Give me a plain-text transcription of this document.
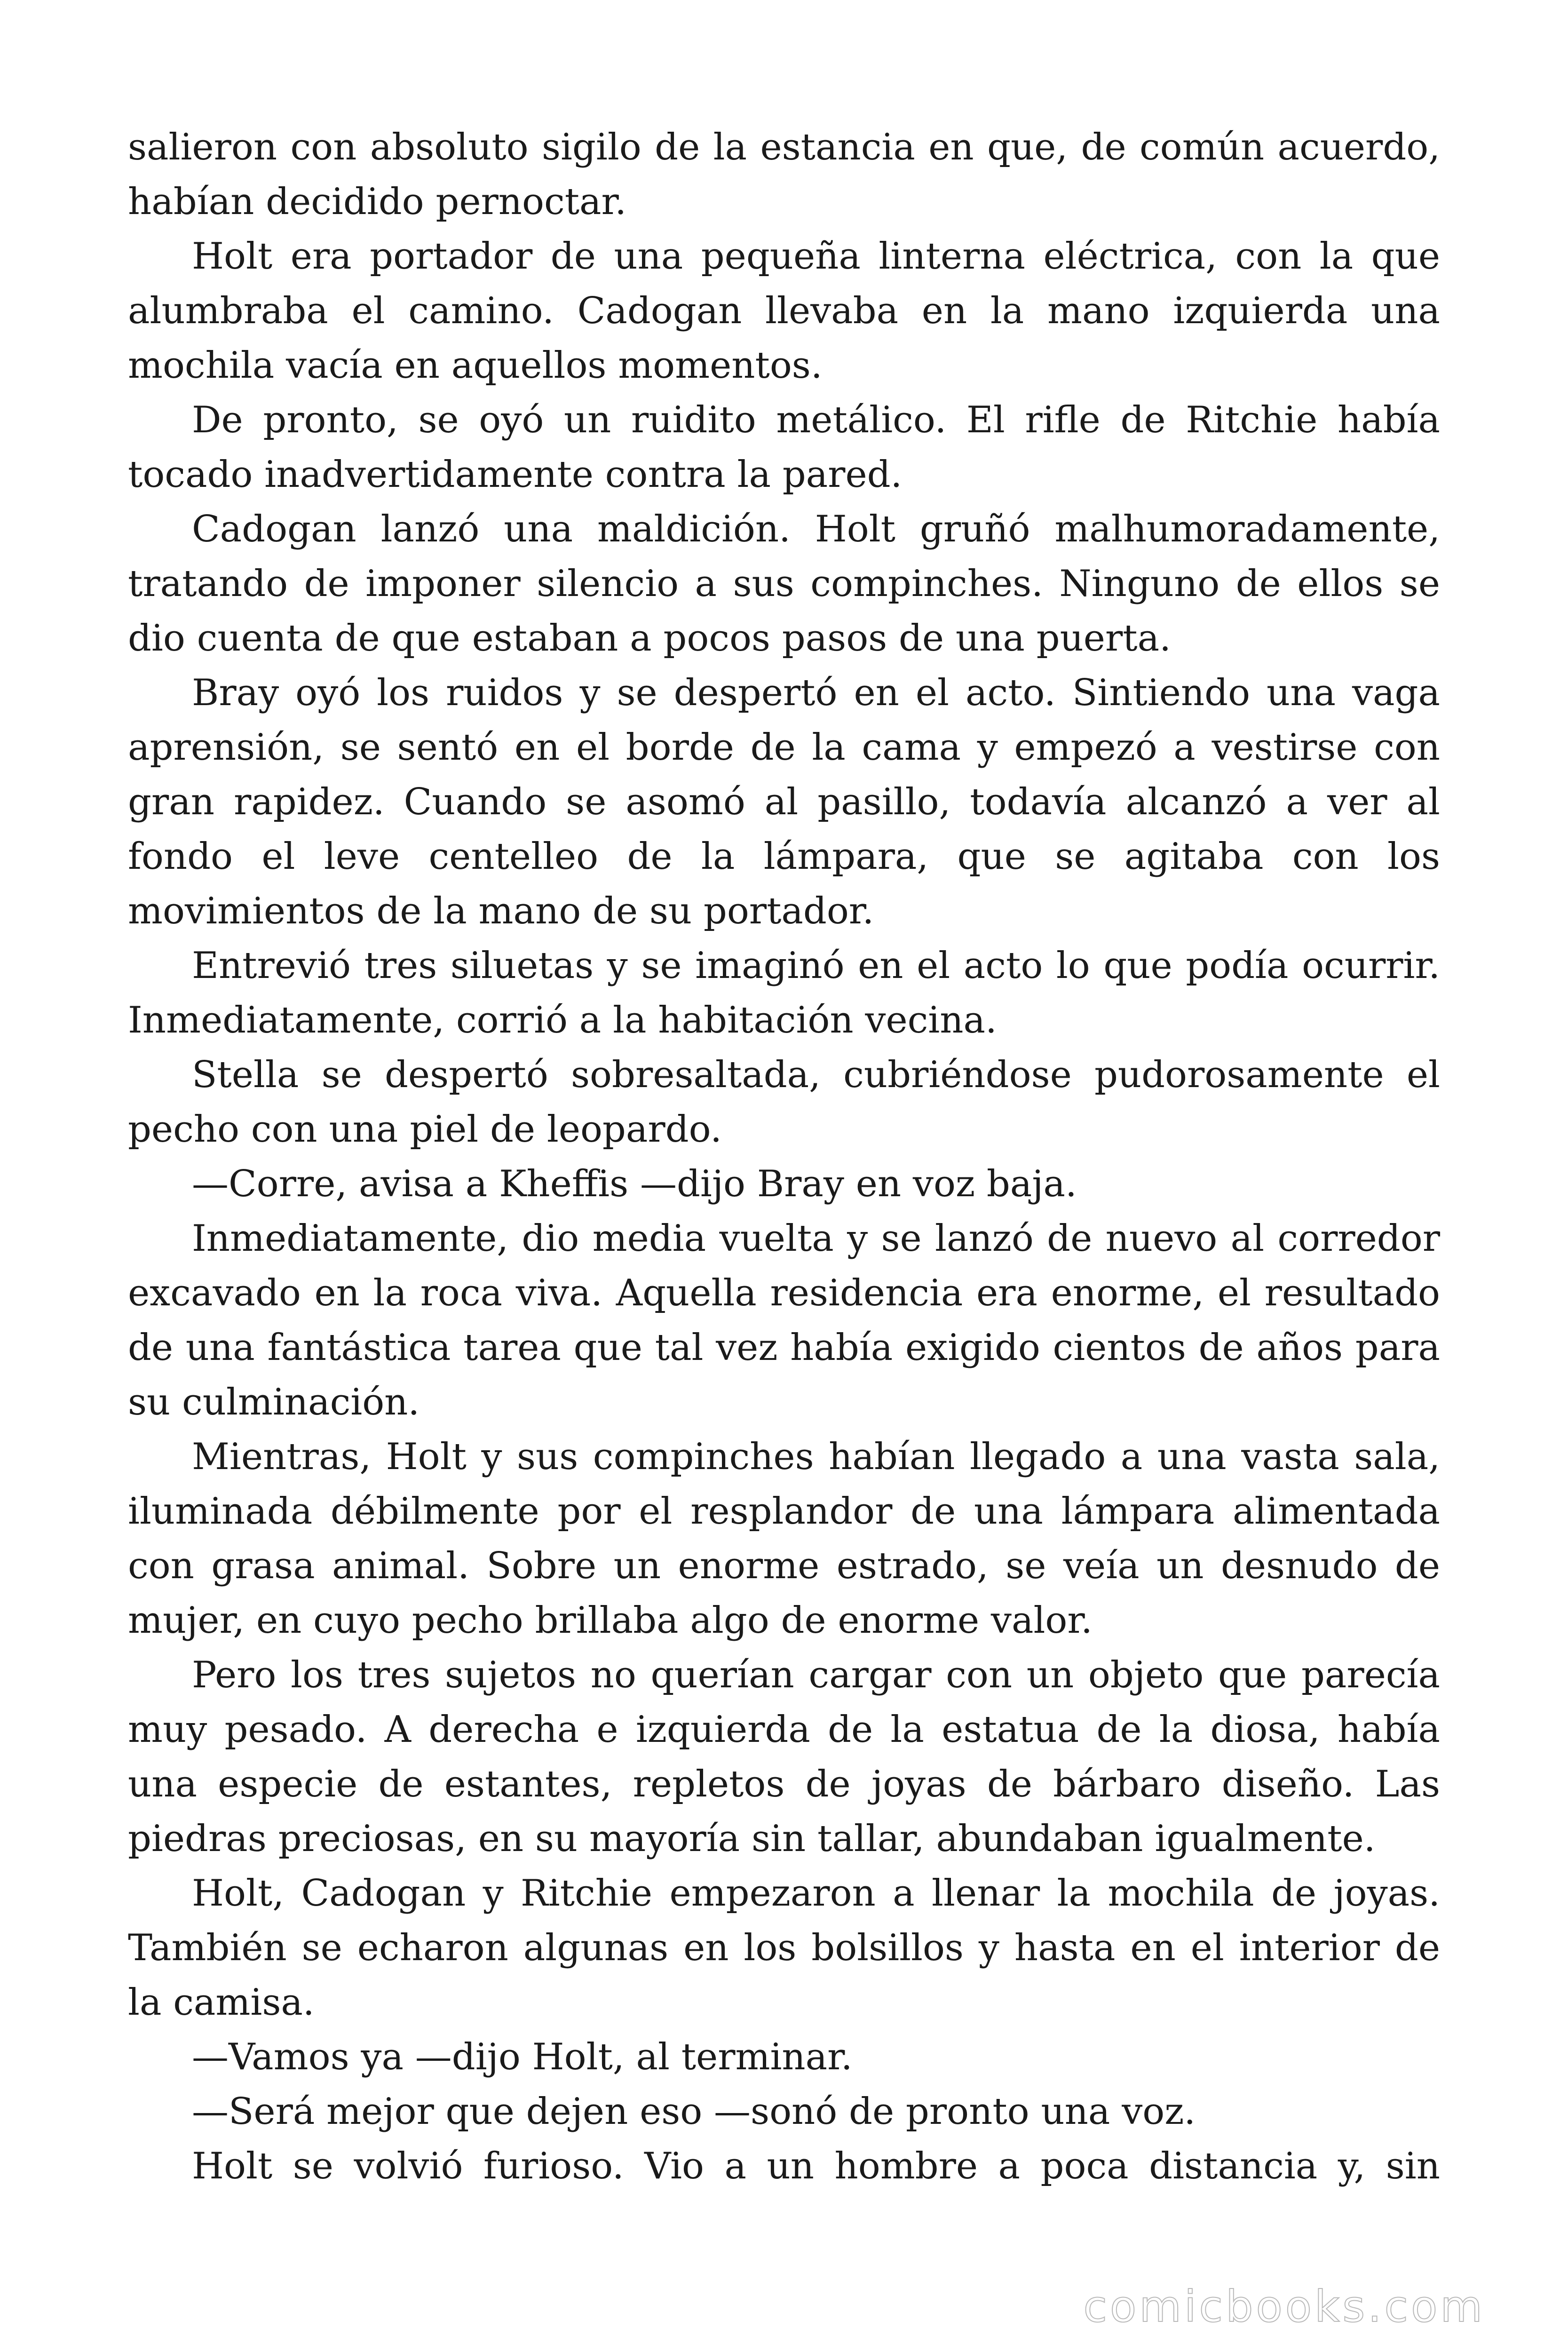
salieron con absoluto sigilo de la estancia en que, de común acuerdo, habían decidido pernoctar.

Holt era portador de una pequeña linterna eléctrica, con la que alumbraba el camino. Cadogan llevaba en la mano izquierda una mochila vacía en aquellos momentos.

De pronto, se oyó un ruidito metálico. El rifle de Ritchie había tocado inadvertidamente contra la pared.

Cadogan lanzó una maldición. Holt gruñó malhumoradamente, tratando de imponer silencio a sus compinches. Ninguno de ellos se dio cuenta de que estaban a pocos pasos de una puerta.

Bray oyó los ruidos y se despertó en el acto. Sintiendo una vaga aprensión, se sentó en el borde de la cama y empezó a vestirse con gran rapidez. Cuando se asomó al pasillo, todavía alcanzó a ver al fondo el leve centelleo de la lámpara, que se agitaba con los movimientos de la mano de su portador.

Entrevió tres siluetas y se imaginó en el acto lo que podía ocurrir. Inmediatamente, corrió a la habitación vecina.

Stella se despertó sobresaltada, cubriéndose pudorosamente el pecho con una piel de leopardo.

—Corre, avisa a Kheffis —dijo Bray en voz baja.

Inmediatamente, dio media vuelta y se lanzó de nuevo al corredor excavado en la roca viva. Aquella residencia era enorme, el resultado de una fantástica tarea que tal vez había exigido cientos de años para su culminación.

Mientras, Holt y sus compinches habían llegado a una vasta sala, iluminada débilmente por el resplandor de una lámpara alimentada con grasa animal. Sobre un enorme estrado, se veía un desnudo de mujer, en cuyo pecho brillaba algo de enorme valor.

Pero los tres sujetos no querían cargar con un objeto que parecía muy pesado. A derecha e izquierda de la estatua de la diosa, había una especie de estantes, repletos de joyas de bárbaro diseño. Las piedras preciosas, en su mayoría sin tallar, abundaban igualmente.

Holt, Cadogan y Ritchie empezaron a llenar la mochila de joyas. También se echaron algunas en los bolsillos y hasta en el interior de la camisa.

—Vamos ya —dijo Holt, al terminar.

—Será mejor que dejen eso —sonó de pronto una voz.

Holt se volvió furioso. Vio a un hombre a poca distancia y, sin

comicbooks.com
